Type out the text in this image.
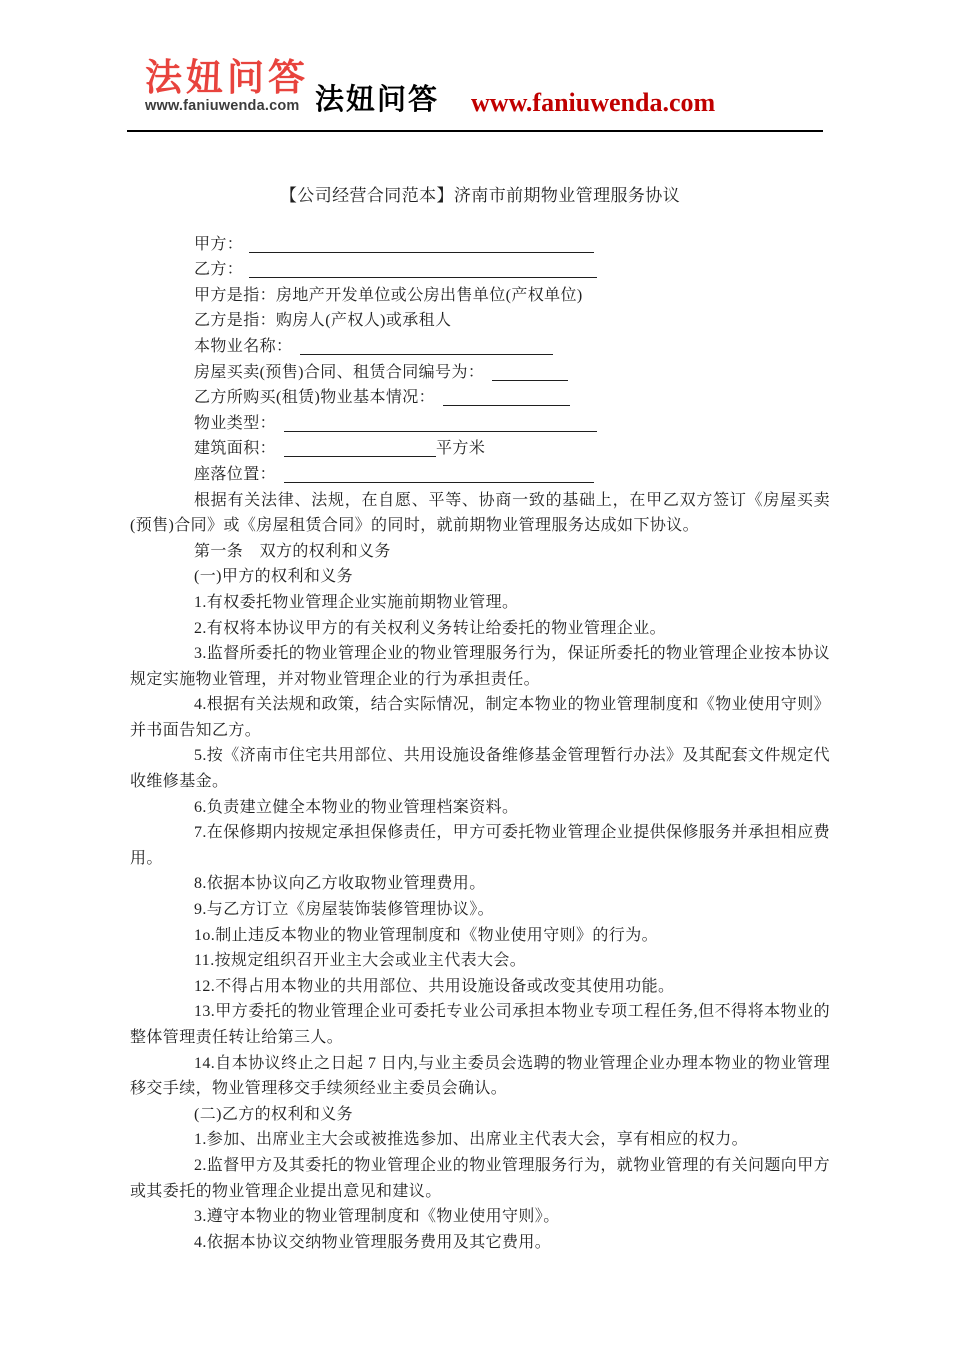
法妞问答
www.faniuwenda.com 法妞问答 www.faniuwenda.com

【公司经营合同范本】济南市前期物业管理服务协议

甲方：

乙方：

甲方是指：房地产开发单位或公房出售单位(产权单位)

乙方是指：购房人(产权人)或承租人

本物业名称：

房屋买卖(预售)合同、租赁合同编号为：

乙方所购买(租赁)物业基本情况：

物业类型：

建筑面积：	平方米

座落位置：

根据有关法律、法规，在自愿、平等、协商一致的基础上，在甲乙双方签订《房屋买卖(预售)合同》或《房屋租赁合同》的同时，就前期物业管理服务达成如下协议。

第一条　双方的权利和义务

(一)甲方的权利和义务

1.有权委托物业管理企业实施前期物业管理。

2.有权将本协议甲方的有关权利义务转让给委托的物业管理企业。

3.监督所委托的物业管理企业的物业管理服务行为，保证所委托的物业管理企业按本协议规定实施物业管理，并对物业管理企业的行为承担责任。

4.根据有关法规和政策，结合实际情况，制定本物业的物业管理制度和《物业使用守则》并书面告知乙方。

5.按《济南市住宅共用部位、共用设施设备维修基金管理暂行办法》及其配套文件规定代收维修基金。

6.负责建立健全本物业的物业管理档案资料。

7.在保修期内按规定承担保修责任，甲方可委托物业管理企业提供保修服务并承担相应费用。

8.依据本协议向乙方收取物业管理费用。

9.与乙方订立《房屋装饰装修管理协议》。

1o.制止违反本物业的物业管理制度和《物业使用守则》的行为。

11.按规定组织召开业主大会或业主代表大会。

12.不得占用本物业的共用部位、共用设施设备或改变其使用功能。

13.甲方委托的物业管理企业可委托专业公司承担本物业专项工程任务,但不得将本物业的整体管理责任转让给第三人。

14.自本协议终止之日起 7 日内,与业主委员会选聘的物业管理企业办理本物业的物业管理移交手续，物业管理移交手续须经业主委员会确认。

(二)乙方的权利和义务

1.参加、出席业主大会或被推选参加、出席业主代表大会，享有相应的权力。

2.监督甲方及其委托的物业管理企业的物业管理服务行为，就物业管理的有关问题向甲方或其委托的物业管理企业提出意见和建议。

3.遵守本物业的物业管理制度和《物业使用守则》。

4.依据本协议交纳物业管理服务费用及其它费用。
